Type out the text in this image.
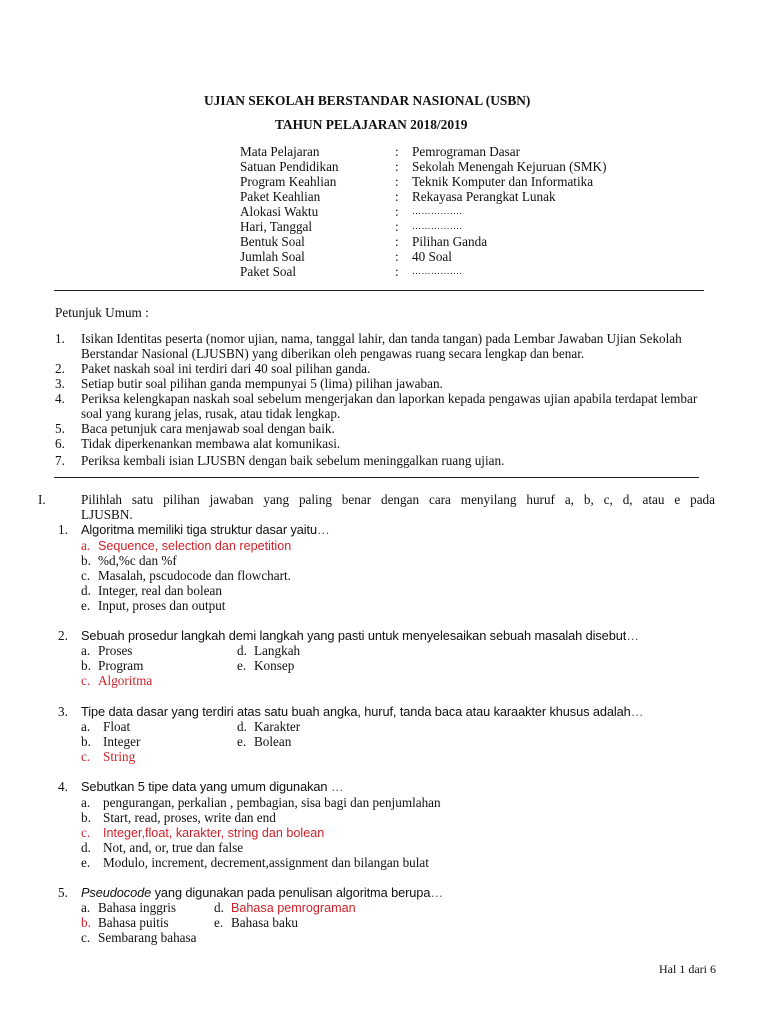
UJIAN SEKOLAH BERSTANDAR NASIONAL (USBN)
TAHUN PELAJARAN 2018/2019
Mata Pelajaran	: Pemrograman Dasar
Satuan Pendidikan	: Sekolah Menengah Kejuruan (SMK)
Program Keahlian	: Teknik Komputer dan Informatika
Paket Keahlian	: Rekayasa Perangkat Lunak
Alokasi Waktu	: …………….
Hari, Tanggal	: …………….
Bentuk Soal	: Pilihan Ganda
Jumlah Soal	: 40 Soal
Paket Soal	: …………….
Petunjuk Umum :
1. Isikan Identitas peserta (nomor ujian, nama, tanggal lahir, dan tanda tangan) pada Lembar Jawaban Ujian Sekolah Berstandar Nasional (LJUSBN) yang diberikan oleh pengawas ruang secara lengkap dan benar.
2. Paket naskah soal ini terdiri dari 40 soal pilihan ganda.
3. Setiap butir soal pilihan ganda mempunyai 5 (lima) pilihan jawaban.
4. Periksa kelengkapan naskah soal sebelum mengerjakan dan laporkan kepada pengawas ujian apabila terdapat lembar soal yang kurang jelas, rusak, atau tidak lengkap.
5. Baca petunjuk cara menjawab soal dengan baik.
6. Tidak diperkenankan membawa alat komunikasi.
7. Periksa kembali isian LJUSBN dengan baik sebelum meninggalkan ruang ujian.
I.	Pilihlah satu pilihan jawaban yang paling benar dengan cara menyilang huruf a, b, c, d, atau e pada
LJUSBN.
1. Algoritma memiliki tiga struktur dasar yaitu…
a. Sequence, selection dan repetition
b. %d,%c dan %f
c. Masalah, pscudocode dan flowchart.
d. Integer, real dan bolean
e. Input, proses dan output
2. Sebuah prosedur langkah demi langkah yang pasti untuk menyelesaikan sebuah masalah disebut…
a. Proses
b. Program
c. Algoritma
d. Langkah
e. Konsep
3. Tipe data dasar yang terdiri atas satu buah angka, huruf, tanda baca atau karaakter khusus adalah…
a. Float
b. Integer
c. String
d. Karakter
e. Bolean
4. Sebutkan 5 tipe data yang umum digunakan …
a. pengurangan, perkalian , pembagian, sisa bagi dan penjumlahan
b. Start, read, proses, write dan end
c. Integer,float, karakter, string dan bolean
d. Not, and, or, true dan false
e. Modulo, increment, decrement,assignment dan bilangan bulat
5. Pseudocode yang digunakan pada penulisan algoritma berupa…
a. Bahasa inggris
b. Bahasa puitis
c. Sembarang bahasa
d. Bahasa pemrograman
e. Bahasa baku
Hal 1 dari 6
